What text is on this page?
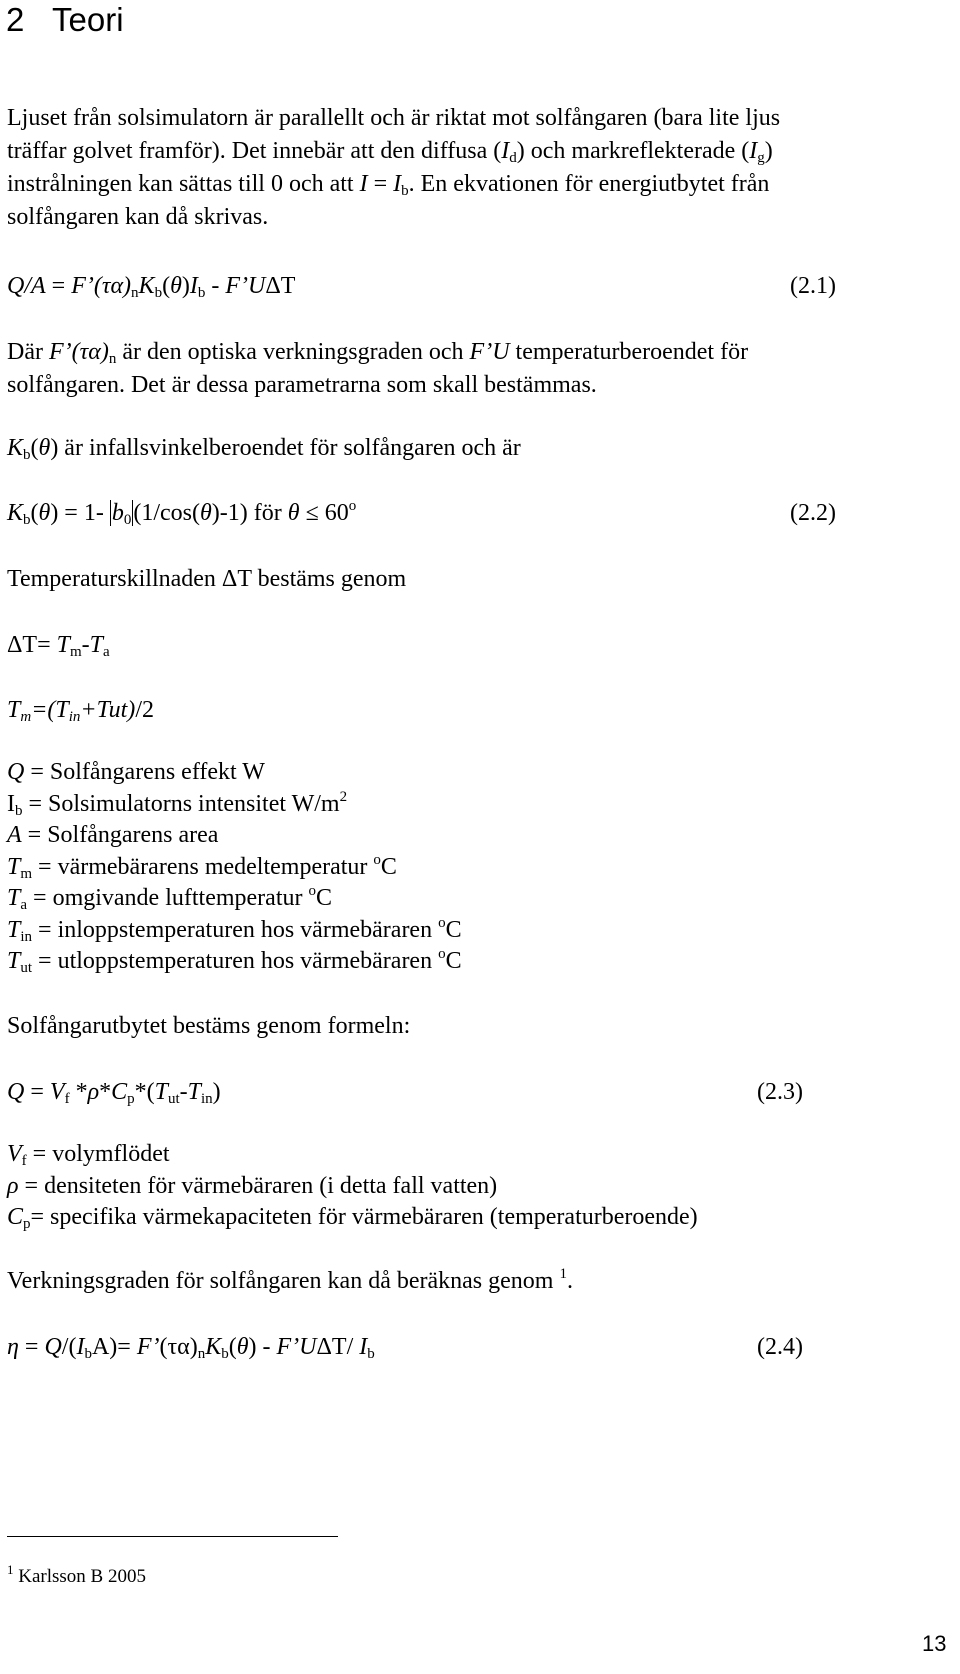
2 Teori
Ljuset från solsimulatorn är parallellt och är riktat mot solfångaren (bara lite ljus
träffar golvet framför). Det innebär att den diffusa $(I_d)$ och markreflekterade $(I_g)$
instrålningen kan sättas till 0 och att $I = I_b$. En ekvationen för energiutbytet från
solfångaren kan då skrivas.
$Q/A = F’(\tau\alpha)_nK_b(\theta)I_b$ - F’UΔT	(2.1)
Där $F’(\tau\alpha)_n$ är den optiska verkningsgraden och F’U temperaturberoendet för
solfångaren. Det är dessa parametrarna som skall bestämmas.
$K_b(\theta)$ är infallsvinkelberoendet för solfångaren och är
$K_b(\theta) = 1-$ $b_0(1/\cos(\theta)-1)$ för $\theta \le 60^o$	(2.2)
Temperaturskillnaden ΔT bestäms genom
$\Delta T= T_m-T_a$
$T_m=(T_{in}+Tut)/2$
Q = Solfångarens effekt W
$I_b$ = Solsimulatorns intensitet $W/m^2$
A = Solfångarens area
$T_m$ = värmebärarens medeltemperatur $^o$C
$T_a$ = omgivande lufttemperatur $^o$C
$T_{in}$ = inloppstemperaturen hos värmebäraren $^o$C
$T_{ut}$ = utloppstemperaturen hos värmebäraren $^o$C
Solfångarutbytet bestäms genom formeln:
$Q = V_f$ $*\rho*C_p*(T_{ut}-T_{in})$	(2.3)
$V_f$ = volymflödet
ρ = densiteten för värmebäraren (i detta fall vatten)
$C_p=$ specifika värmekapaciteten för värmebäraren (temperaturberoende)
Verkningsgraden för solfångaren kan då beräknas genom $^1$.
$\eta = Q/(I_bA)=$ $F’(\tau\alpha)_nK_b(\theta)$ - F’UΔT/ $I_b$	(2.4)
$^1$ Karlsson B 2005
13
